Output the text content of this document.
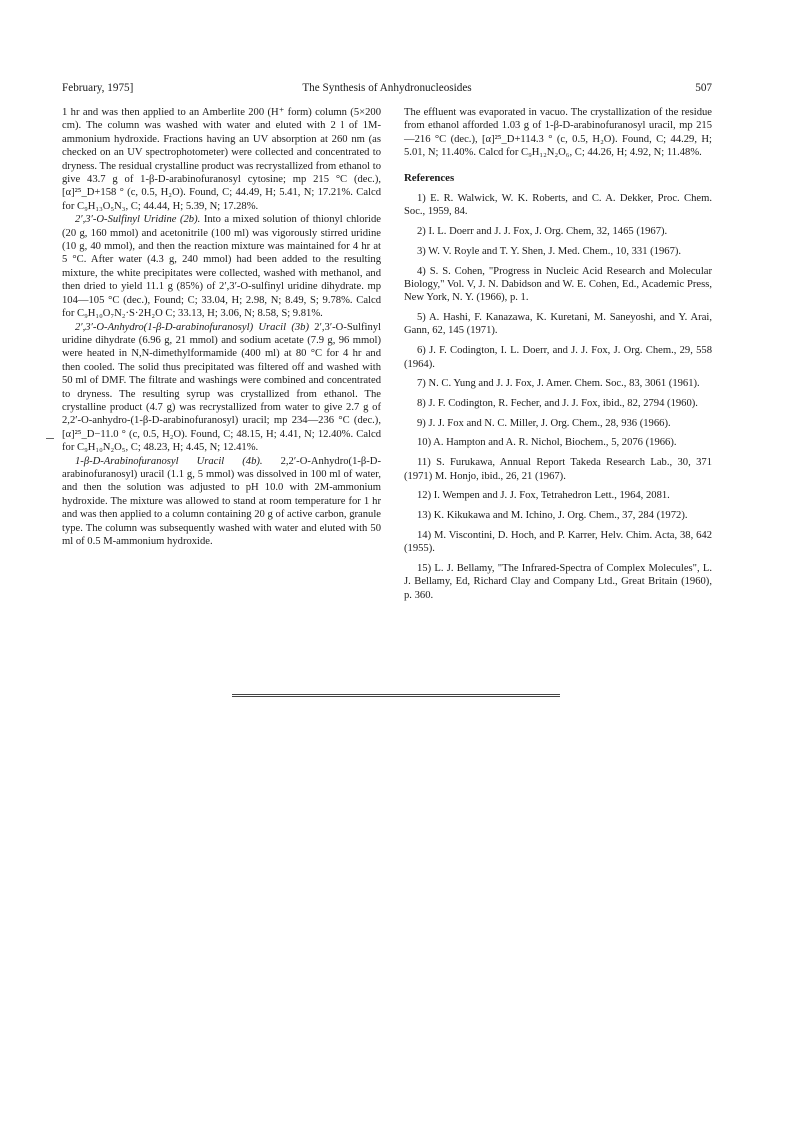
February, 1975]	The Synthesis of Anhydronucleosides	507

1 hr and was then applied to an Amberlite 200 (H⁺ form) column (5×200 cm). The column was washed with water and eluted with 2 l of 1M-ammonium hydroxide. Fractions having an UV absorption at 260 nm (as checked on an UV spectrophotometer) were collected and concentrated to dryness. The residual crystalline product was recrystallized from ethanol to give 43.7 g of 1-β-D-arabinofuranosyl cytosine; mp 215 °C (dec.), [α]²⁵_D+158 ° (c, 0.5, H₂O). Found, C; 44.49, H; 5.41, N; 17.21%. Calcd for C₉H₁₃O₅N₃, C; 44.44, H; 5.39, N; 17.28%.

2′,3′-O-Sulfinyl Uridine (2b). Into a mixed solution of thionyl chloride (20 g, 160 mmol) and acetonitrile (100 ml) was vigorously stirred uridine (10 g, 40 mmol), and then the reaction mixture was maintained for 4 hr at 5 °C. After water (4.3 g, 240 mmol) had been added to the resulting mixture, the white precipitates were collected, washed with methanol, and then dried to yield 11.1 g (85%) of 2′,3′-O-sulfinyl uridine dihydrate. mp 104—105 °C (dec.), Found; C; 33.04, H; 2.98, N; 8.49, S; 9.78%. Calcd for C₉H₁₀O₇N₂·S·2H₂O C; 33.13, H; 3.06, N; 8.58, S; 9.81%.

2′,3′-O-Anhydro(1-β-D-arabinofuranosyl) Uracil (3b) 2′,3′-O-Sulfinyl uridine dihydrate (6.96 g, 21 mmol) and sodium acetate (7.9 g, 96 mmol) were heated in N,N-dimethylformamide (400 ml) at 80 °C for 4 hr and then cooled. The solid thus precipitated was filtered off and washed with 50 ml of DMF. The filtrate and washings were combined and concentrated to dryness. The resulting syrup was crystallized from ethanol. The crystalline product (4.7 g) was recrystallized from water to give 2.7 g of 2,2′-O-anhydro-(1-β-D-arabinofuranosyl) uracil; mp 234—236 °C (dec.), [α]²⁵_D−11.0 ° (c, 0.5, H₂O). Found, C; 48.15, H; 4.41, N; 12.40%. Calcd for C₉H₁₀N₂O₅, C; 48.23, H; 4.45, N; 12.41%.

1-β-D-Arabinofuranosyl Uracil (4b). 2,2′-O-Anhydro(1-β-D-arabinofuranosyl) uracil (1.1 g, 5 mmol) was dissolved in 100 ml of water, and then the solution was adjusted to pH 10.0 with 2M-ammonium hydroxide. The mixture was allowed to stand at room temperature for 1 hr and was then applied to a column containing 20 g of active carbon, granule type. The column was subsequently washed with water and eluted with 50 ml of 0.5 M-ammonium hydroxide.

The effluent was evaporated in vacuo. The crystallization of the residue from ethanol afforded 1.03 g of 1-β-D-arabinofuranosyl uracil, mp 215—216 °C (dec.), [α]²⁵_D+114.3 ° (c, 0.5, H₂O). Found, C; 44.29, H; 5.01, N; 11.40%. Calcd for C₉H₁₂N₂O₆, C; 44.26, H; 4.92, N; 11.48%.

References
1) E. R. Walwick, W. K. Roberts, and C. A. Dekker, Proc. Chem. Soc., 1959, 84.
2) I. L. Doerr and J. J. Fox, J. Org. Chem, 32, 1465 (1967).
3) W. V. Royle and T. Y. Shen, J. Med. Chem., 10, 331 (1967).
4) S. S. Cohen, "Progress in Nucleic Acid Research and Molecular Biology," Vol. V, J. N. Dabidson and W. E. Cohen, Ed., Academic Press, New York, N. Y. (1966), p. 1.
5) A. Hashi, F. Kanazawa, K. Kuretani, M. Saneyoshi, and Y. Arai, Gann, 62, 145 (1971).
6) J. F. Codington, I. L. Doerr, and J. J. Fox, J. Org. Chem., 29, 558 (1964).
7) N. C. Yung and J. J. Fox, J. Amer. Chem. Soc., 83, 3061 (1961).
8) J. F. Codington, R. Fecher, and J. J. Fox, ibid., 82, 2794 (1960).
9) J. J. Fox and N. C. Miller, J. Org. Chem., 28, 936 (1966).
10) A. Hampton and A. R. Nichol, Biochem., 5, 2076 (1966).
11) S. Furukawa, Annual Report Takeda Research Lab., 30, 371 (1971) M. Honjo, ibid., 26, 21 (1967).
12) I. Wempen and J. J. Fox, Tetrahedron Lett., 1964, 2081.
13) K. Kikukawa and M. Ichino, J. Org. Chem., 37, 284 (1972).
14) M. Viscontini, D. Hoch, and P. Karrer, Helv. Chim. Acta, 38, 642 (1955).
15) L. J. Bellamy, "The Infrared-Spectra of Complex Molecules", L. J. Bellamy, Ed, Richard Clay and Company Ltd., Great Britain (1960), p. 360.
